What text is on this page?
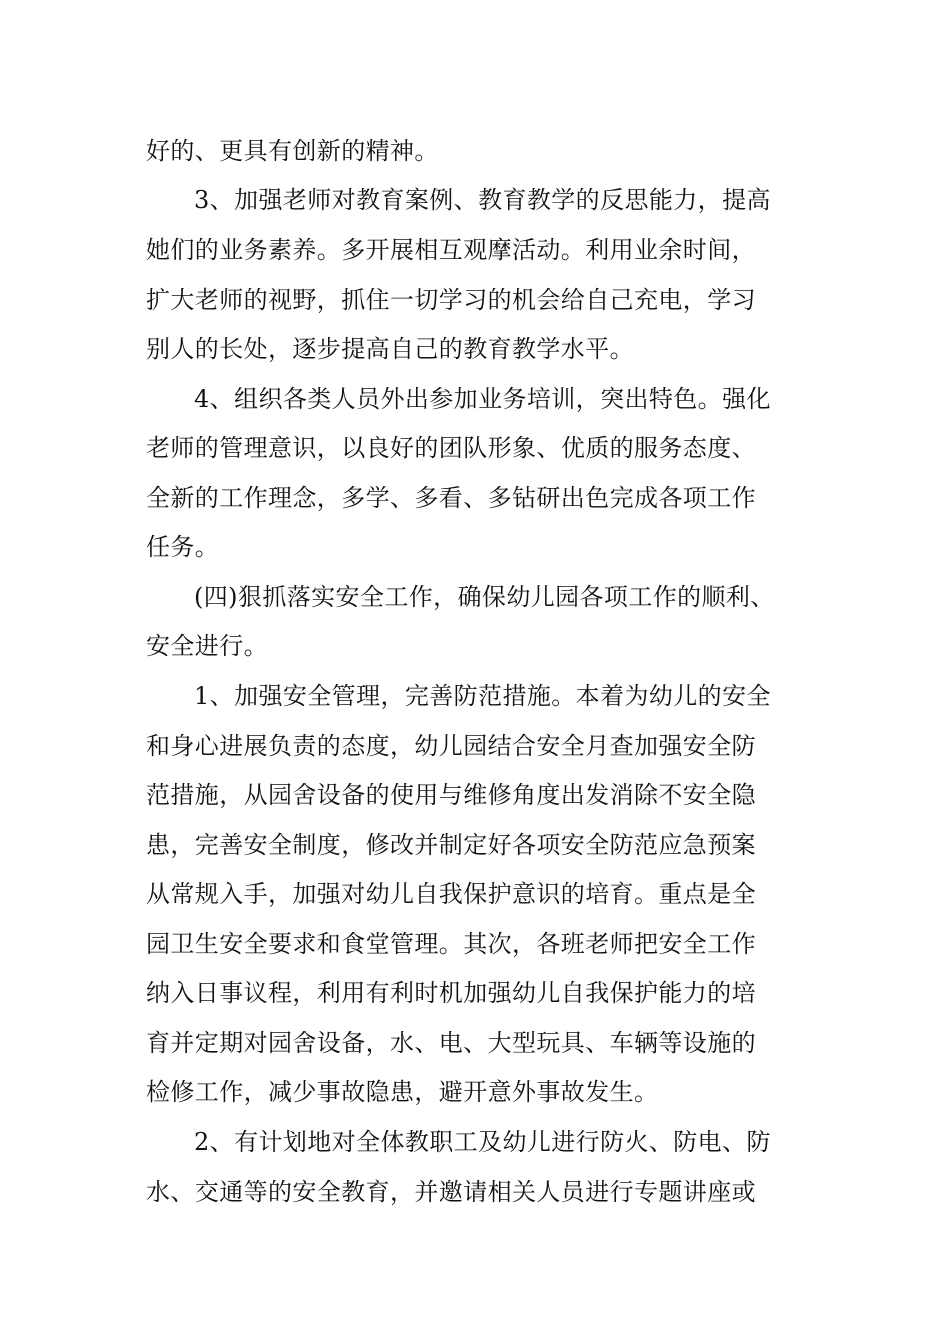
好的、更具有创新的精神。
3、加强老师对教育案例、教育教学的反思能力，提高
她们的业务素养。多开展相互观摩活动。利用业余时间，
扩大老师的视野，抓住一切学习的机会给自己充电，学习
别人的长处，逐步提高自己的教育教学水平。
4、组织各类人员外出参加业务培训，突出特色。强化
老师的管理意识，以良好的团队形象、优质的服务态度、
全新的工作理念，多学、多看、多钻研出色完成各项工作
任务。
(四)狠抓落实安全工作，确保幼儿园各项工作的顺利、
安全进行。
1、加强安全管理，完善防范措施。本着为幼儿的安全
和身心进展负责的态度，幼儿园结合安全月查加强安全防
范措施，从园舍设备的使用与维修角度出发消除不安全隐
患，完善安全制度，修改并制定好各项安全防范应急预案
从常规入手，加强对幼儿自我保护意识的培育。重点是全
园卫生安全要求和食堂管理。其次，各班老师把安全工作
纳入日事议程，利用有利时机加强幼儿自我保护能力的培
育并定期对园舍设备，水、电、大型玩具、车辆等设施的
检修工作，减少事故隐患，避开意外事故发生。
2、有计划地对全体教职工及幼儿进行防火、防电、防
水、交通等的安全教育，并邀请相关人员进行专题讲座或
